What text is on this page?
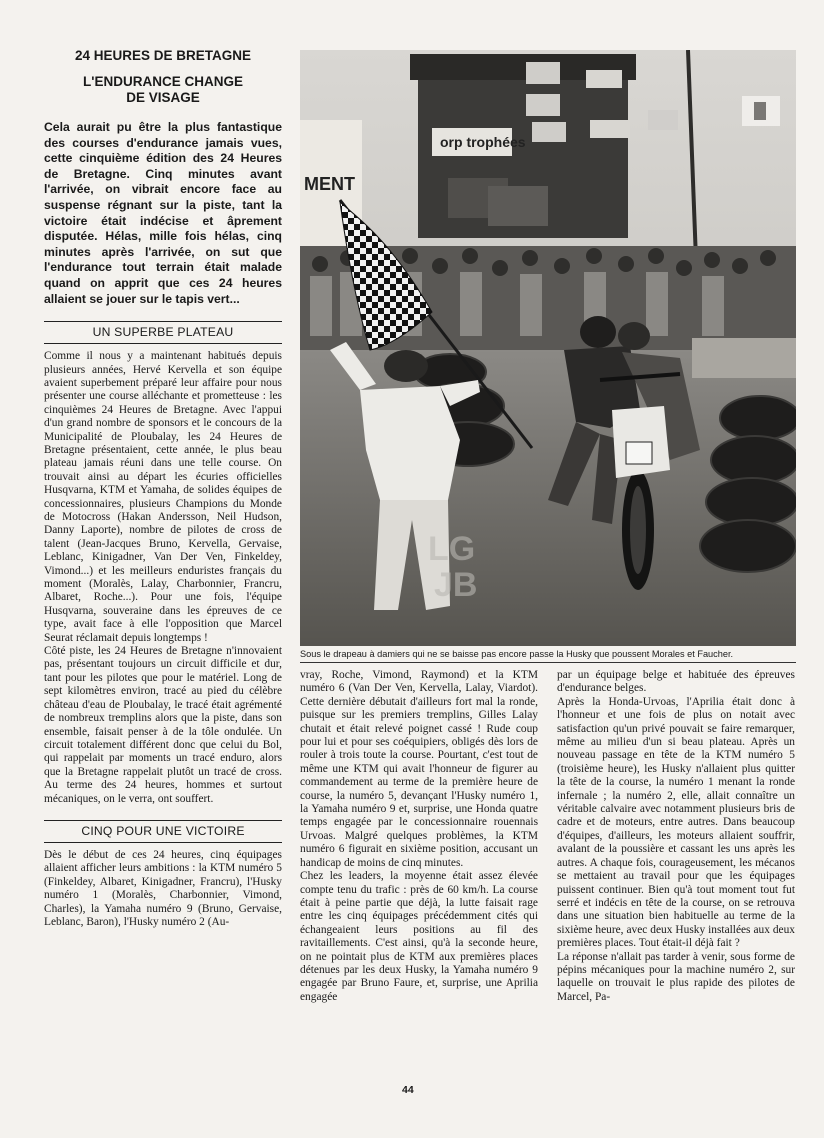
24 HEURES DE BRETAGNE
L'ENDURANCE CHANGE
DE VISAGE
Cela aurait pu être la plus fantastique des courses d'endurance jamais vues, cette cinquième édition des 24 Heures de Bretagne. Cinq minutes avant l'arrivée, on vibrait encore face au suspense régnant sur la piste, tant la victoire était indécise et âprement disputée. Hélas, mille fois hélas, cinq minutes après l'arrivée, on sut que l'endurance tout terrain était malade quand on apprit que ces 24 heures allaient se jouer sur le tapis vert...
UN SUPERBE PLATEAU

Comme il nous y a maintenant habitués depuis plusieurs années, Hervé Kervella et son équipe avaient superbement préparé leur affaire pour nous présenter une course alléchante et prometteuse : les cinquièmes 24 Heures de Bretagne. Avec l'appui d'un grand nombre de sponsors et le concours de la Municipalité de Ploubalay, les 24 Heures de Bretagne présentaient, cette année, le plus beau plateau jamais réuni dans une telle course. On trouvait ainsi au départ les écuries officielles Husqvarna, KTM et Yamaha, de solides équipes de concessionnaires, plusieurs Champions du Monde de Motocross (Hakan Andersson, Neil Hudson, Danny Laporte), nombre de pilotes de cross de talent (Jean-Jacques Bruno, Kervella, Gervaise, Leblanc, Kinigadner, Van Der Ven, Finkeldey, Vimond...) et les meilleurs enduristes français du moment (Moralès, Lalay, Charbonnier, Francru, Albaret, Roche...). Pour une fois, l'équipe Husqvarna, souveraine dans les épreuves de ce type, avait face à elle l'opposition que Marcel Seurat réclamait depuis longtemps !

Côté piste, les 24 Heures de Bretagne n'innovaient pas, présentant toujours un circuit difficile et dur, tant pour les pilotes que pour le matériel. Long de sept kilomètres environ, tracé au pied du célèbre château d'eau de Ploubalay, le tracé était agrémenté de nombreux tremplins alors que la piste, dans son ensemble, faisait penser à de la tôle ondulée. Un circuit totalement différent donc que celui du Bol, qui rappelait par moments un tracé enduro, alors que la Bretagne rappelait plutôt un tracé de cross. Au terme des 24 heures, hommes et surtout mécaniques, on le verra, ont souffert.

CINQ POUR UNE VICTOIRE

Dès le début de ces 24 heures, cinq équipages allaient afficher leurs ambitions : la KTM numéro 5 (Finkeldey, Albaret, Kinigadner, Francru), l'Husky numéro 1 (Moralès, Charbonnier, Vimond, Charles), la Yamaha numéro 9 (Bruno, Gervaise, Leblanc, Baron), l'Husky numéro 2 (Au-

orp trophées
MENT
LG
JB
Sous le drapeau à damiers qui ne se baisse pas encore passe la Husky que poussent Morales et Faucher.

vray, Roche, Vimond, Raymond) et la KTM numéro 6 (Van Der Ven, Kervella, Lalay, Viardot). Cette dernière débutait d'ailleurs fort mal la ronde, puisque sur les premiers tremplins, Gilles Lalay chutait et était relevé poignet cassé ! Rude coup pour lui et pour ses coéquipiers, obligés dès lors de rouler à trois toute la course. Pourtant, c'est tout de même une KTM qui avait l'honneur de figurer au commandement au terme de la première heure de course, la numéro 5, devançant l'Husky numéro 1, la Yamaha numéro 9 et, surprise, une Honda quatre temps engagée par le concessionnaire rouennais Urvoas. Malgré quelques problèmes, la KTM numéro 6 figurait en sixième position, accusant un handicap de moins de cinq minutes.

Chez les leaders, la moyenne était assez élevée compte tenu du trafic : près de 60 km/h. La course était à peine partie que déjà, la lutte faisait rage entre les cinq équipages précédemment cités qui échangeaient leurs positions au fil des ravitaillements. C'est ainsi, qu'à la seconde heure, on ne pointait plus de KTM aux premières places détenues par les deux Husky, la Yamaha numéro 9 engagée par Bruno Faure, et, surprise, une Aprilia engagée

par un équipage belge et habituée des épreuves d'endurance belges.

Après la Honda-Urvoas, l'Aprilia était donc à l'honneur et une fois de plus on notait avec satisfaction qu'un privé pouvait se faire remarquer, même au milieu d'un si beau plateau. Après un nouveau passage en tête de la KTM numéro 5 (troisième heure), les Husky n'allaient plus quitter la tête de la course, la numéro 1 menant la ronde infernale ; la numéro 2, elle, allait connaître un véritable calvaire avec notamment plusieurs bris de cadre et de moteurs, entre autres. Dans beaucoup d'équipes, d'ailleurs, les moteurs allaient souffrir, avalant de la poussière et cassant les uns après les autres. A chaque fois, courageusement, les mécanos se mettaient au travail pour que les équipages puissent continuer. Bien qu'à tout moment tout fut serré et indécis en tête de la course, on se retrouva dans une situation bien habituelle au terme de la sixième heure, avec deux Husky installées aux deux premières places. Tout était-il déjà fait ?

La réponse n'allait pas tarder à venir, sous forme de pépins mécaniques pour la machine numéro 2, sur laquelle on trouvait le plus rapide des pilotes de Marcel, Pa-

44
